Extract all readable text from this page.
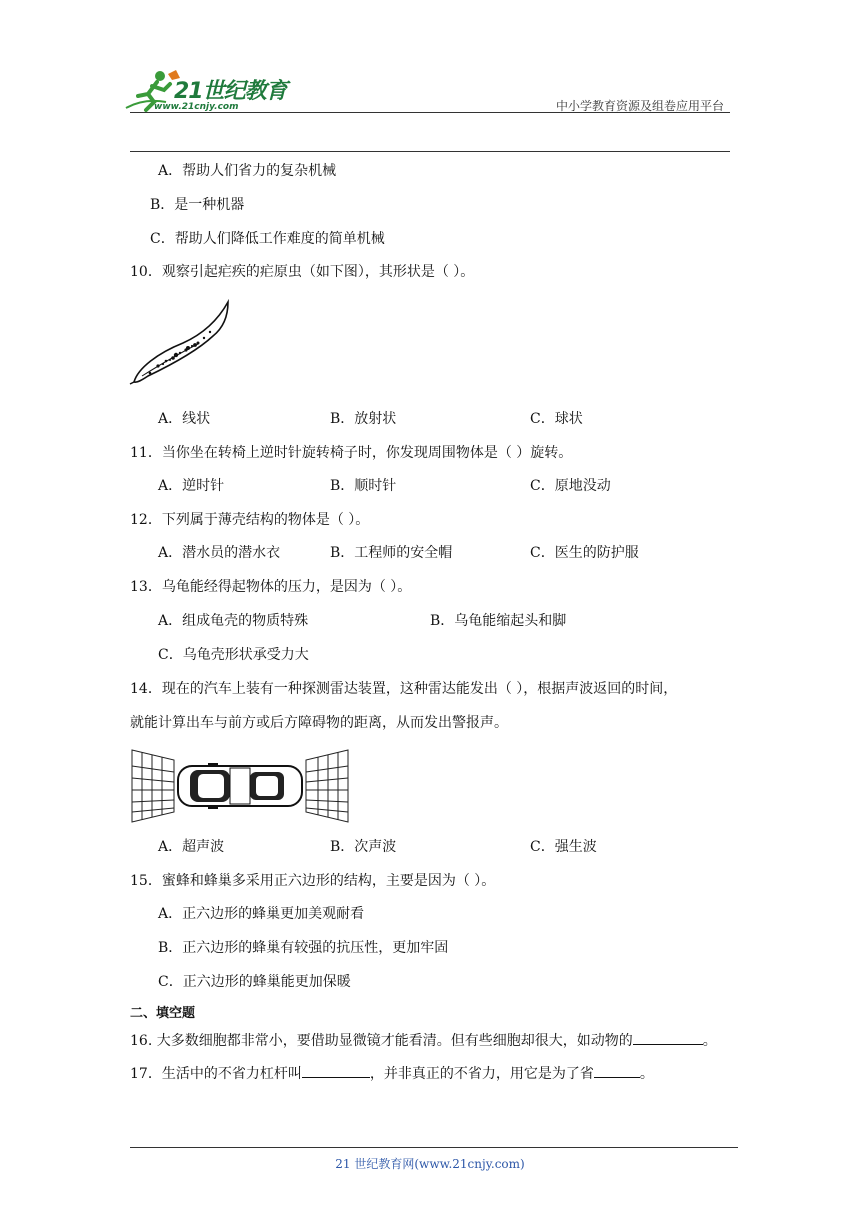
21世纪教育
www.21cnjy.com	中小学教育资源及组卷应用平台
A．帮助人们省力的复杂机械
B．是一种机器
C．帮助人们降低工作难度的简单机械
10．观察引起疟疾的疟原虫（如下图），其形状是（ ）。
A．线状	B．放射状	C．球状
11．当你坐在转椅上逆时针旋转椅子时，你发现周围物体是（ ）旋转。
A．逆时针	B．顺时针	C．原地没动
12．下列属于薄壳结构的物体是（ ）。
A．潜水员的潜水衣	B．工程师的安全帽	C．医生的防护服
13．乌龟能经得起物体的压力，是因为（ ）。
A．组成龟壳的物质特殊	B．乌龟能缩起头和脚
C．乌龟壳形状承受力大
14．现在的汽车上装有一种探测雷达装置，这种雷达能发出（ ），根据声波返回的时间，
就能计算出车与前方或后方障碍物的距离，从而发出警报声。
A．超声波	B．次声波	C．强生波
15．蜜蜂和蜂巢多采用正六边形的结构，主要是因为（ ）。
A．正六边形的蜂巢更加美观耐看
B．正六边形的蜂巢有较强的抗压性，更加牢固
C．正六边形的蜂巢能更加保暖
二、填空题
16. 大多数细胞都非常小，要借助显微镜才能看清。但有些细胞却很大，如动物的	。
17．生活中的不省力杠杆叫	，并非真正的不省力，用它是为了省	。
21 世纪教育网(www.21cnjy.com)
